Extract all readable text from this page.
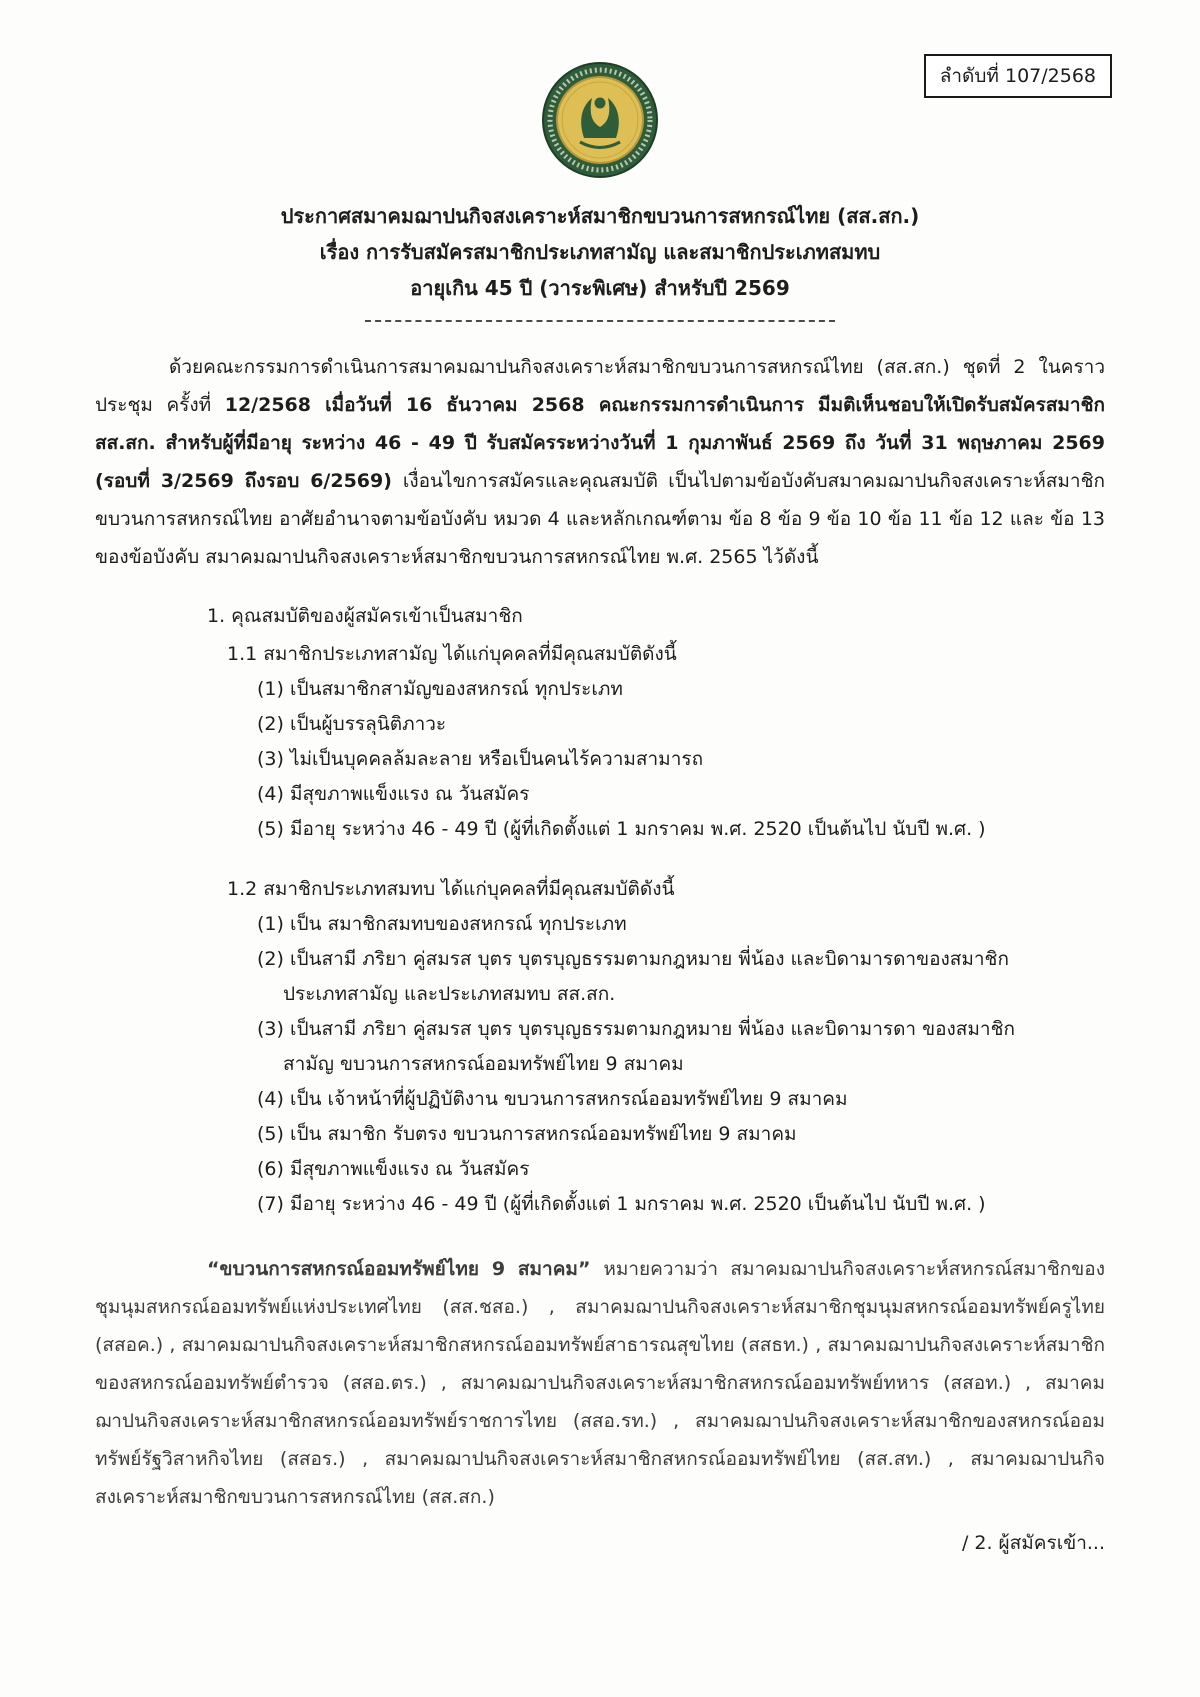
ลำดับที่ 107/2568
ประกาศสมาคมฌาปนกิจสงเคราะห์สมาชิกขบวนการสหกรณ์ไทย (สส.สก.)
เรื่อง การรับสมัครสมาชิกประเภทสามัญ และสมาชิกประเภทสมทบ
อายุเกิน 45 ปี (วาระพิเศษ) สำหรับปี 2569

ด้วยคณะกรรมการดำเนินการสมาคมฌาปนกิจสงเคราะห์สมาชิกขบวนการสหกรณ์ไทย (สส.สก.) ชุดที่ 2 ในคราวประชุม ครั้งที่ 12/2568 เมื่อวันที่ 16 ธันวาคม 2568 คณะกรรมการดำเนินการ มีมติเห็นชอบให้เปิดรับสมัครสมาชิก สส.สก. สำหรับผู้ที่มีอายุ ระหว่าง 46 - 49 ปี รับสมัครระหว่างวันที่ 1 กุมภาพันธ์ 2569 ถึง วันที่ 31 พฤษภาคม 2569 (รอบที่ 3/2569 ถึงรอบ 6/2569) เงื่อนไขการสมัครและคุณสมบัติ เป็นไปตามข้อบังคับสมาคมฌาปนกิจสงเคราะห์สมาชิกขบวนการสหกรณ์ไทย อาศัยอำนาจตามข้อบังคับ หมวด 4 และหลักเกณฑ์ตาม ข้อ 8 ข้อ 9 ข้อ 10 ข้อ 11 ข้อ 12 และ ข้อ 13 ของข้อบังคับ สมาคมฌาปนกิจสงเคราะห์สมาชิกขบวนการสหกรณ์ไทย พ.ศ. 2565 ไว้ดังนี้

1. คุณสมบัติของผู้สมัครเข้าเป็นสมาชิก
1.1 สมาชิกประเภทสามัญ ได้แก่บุคคลที่มีคุณสมบัติดังนี้
(1) เป็นสมาชิกสามัญของสหกรณ์ ทุกประเภท
(2) เป็นผู้บรรลุนิติภาวะ
(3) ไม่เป็นบุคคลล้มละลาย หรือเป็นคนไร้ความสามารถ
(4) มีสุขภาพแข็งแรง ณ วันสมัคร
(5) มีอายุ ระหว่าง 46 - 49 ปี (ผู้ที่เกิดตั้งแต่ 1 มกราคม พ.ศ. 2520 เป็นต้นไป นับปี พ.ศ. )
1.2 สมาชิกประเภทสมทบ ได้แก่บุคคลที่มีคุณสมบัติดังนี้
(1) เป็น สมาชิกสมทบของสหกรณ์ ทุกประเภท
(2) เป็นสามี ภริยา คู่สมรส บุตร บุตรบุญธรรมตามกฎหมาย พี่น้อง และบิดามารดาของสมาชิก ประเภทสามัญ และประเภทสมทบ สส.สก.
(3) เป็นสามี ภริยา คู่สมรส บุตร บุตรบุญธรรมตามกฎหมาย พี่น้อง และบิดามารดา ของสมาชิกสามัญ ขบวนการสหกรณ์ออมทรัพย์ไทย 9 สมาคม
(4) เป็น เจ้าหน้าที่ผู้ปฏิบัติงาน ขบวนการสหกรณ์ออมทรัพย์ไทย 9 สมาคม
(5) เป็น สมาชิก รับตรง ขบวนการสหกรณ์ออมทรัพย์ไทย 9 สมาคม
(6) มีสุขภาพแข็งแรง ณ วันสมัคร
(7) มีอายุ ระหว่าง 46 - 49 ปี (ผู้ที่เกิดตั้งแต่ 1 มกราคม พ.ศ. 2520 เป็นต้นไป นับปี พ.ศ. )

“ขบวนการสหกรณ์ออมทรัพย์ไทย 9 สมาคม” หมายความว่า สมาคมฌาปนกิจสงเคราะห์สหกรณ์สมาชิกของชุมนุมสหกรณ์ออมทรัพย์แห่งประเทศไทย (สส.ชสอ.) , สมาคมฌาปนกิจสงเคราะห์สมาชิกชุมนุมสหกรณ์ออมทรัพย์ครูไทย (สสอค.) , สมาคมฌาปนกิจสงเคราะห์สมาชิกสหกรณ์ออมทรัพย์สาธารณสุขไทย (สสธท.) , สมาคมฌาปนกิจสงเคราะห์สมาชิกของสหกรณ์ออมทรัพย์ตำรวจ (สสอ.ตร.) , สมาคมฌาปนกิจสงเคราะห์สมาชิกสหกรณ์ออมทรัพย์ทหาร (สสอท.) , สมาคมฌาปนกิจสงเคราะห์สมาชิกสหกรณ์ออมทรัพย์ราชการไทย (สสอ.รท.) , สมาคมฌาปนกิจสงเคราะห์สมาชิกของสหกรณ์ออมทรัพย์รัฐวิสาหกิจไทย (สสอร.) , สมาคมฌาปนกิจสงเคราะห์สมาชิกสหกรณ์ออมทรัพย์ไทย (สส.สท.) , สมาคมฌาปนกิจสงเคราะห์สมาชิกขบวนการสหกรณ์ไทย (สส.สก.)

/ 2. ผู้สมัครเข้า...
